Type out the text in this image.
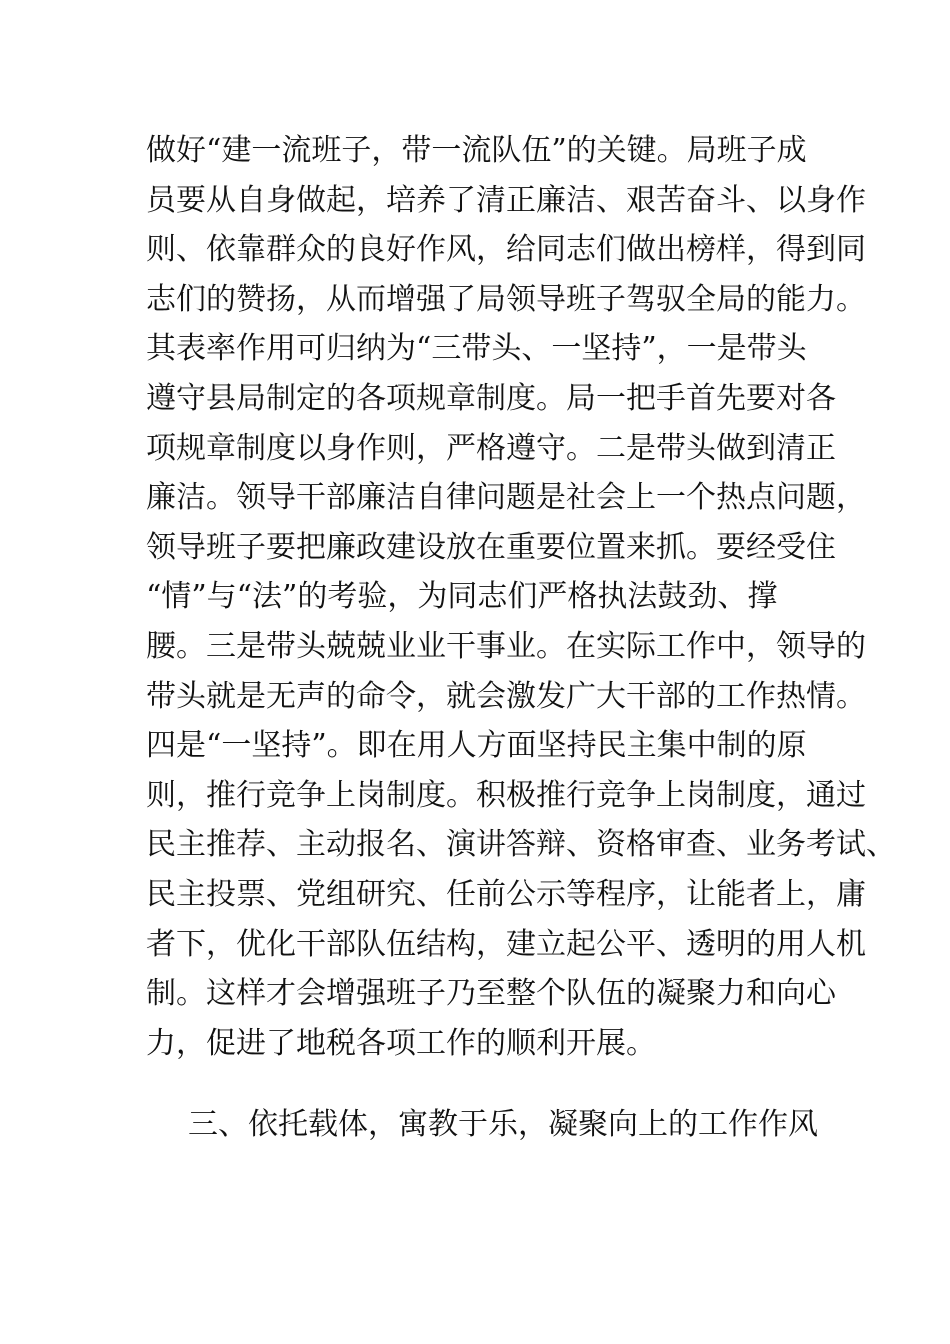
做好“建一流班子，带一流队伍”的关键。局班子成
员要从自身做起，培养了清正廉洁、艰苦奋斗、以身作
则、依靠群众的良好作风，给同志们做出榜样，得到同
志们的赞扬，从而增强了局领导班子驾驭全局的能力。
其表率作用可归纳为“三带头、一坚持”，一是带头
遵守县局制定的各项规章制度。局一把手首先要对各
项规章制度以身作则，严格遵守。二是带头做到清正
廉洁。领导干部廉洁自律问题是社会上一个热点问题，
领导班子要把廉政建设放在重要位置来抓。要经受住
“情”与“法”的考验，为同志们严格执法鼓劲、撑
腰。三是带头兢兢业业干事业。在实际工作中，领导的
带头就是无声的命令，就会激发广大干部的工作热情。
四是“一坚持”。即在用人方面坚持民主集中制的原
则，推行竞争上岗制度。积极推行竞争上岗制度，通过
民主推荐、主动报名、演讲答辩、资格审查、业务考试、
民主投票、党组研究、任前公示等程序，让能者上，庸
者下，优化干部队伍结构，建立起公平、透明的用人机
制。这样才会增强班子乃至整个队伍的凝聚力和向心
力，促进了地税各项工作的顺利开展。
三、依托载体，寓教于乐，凝聚向上的工作作风
